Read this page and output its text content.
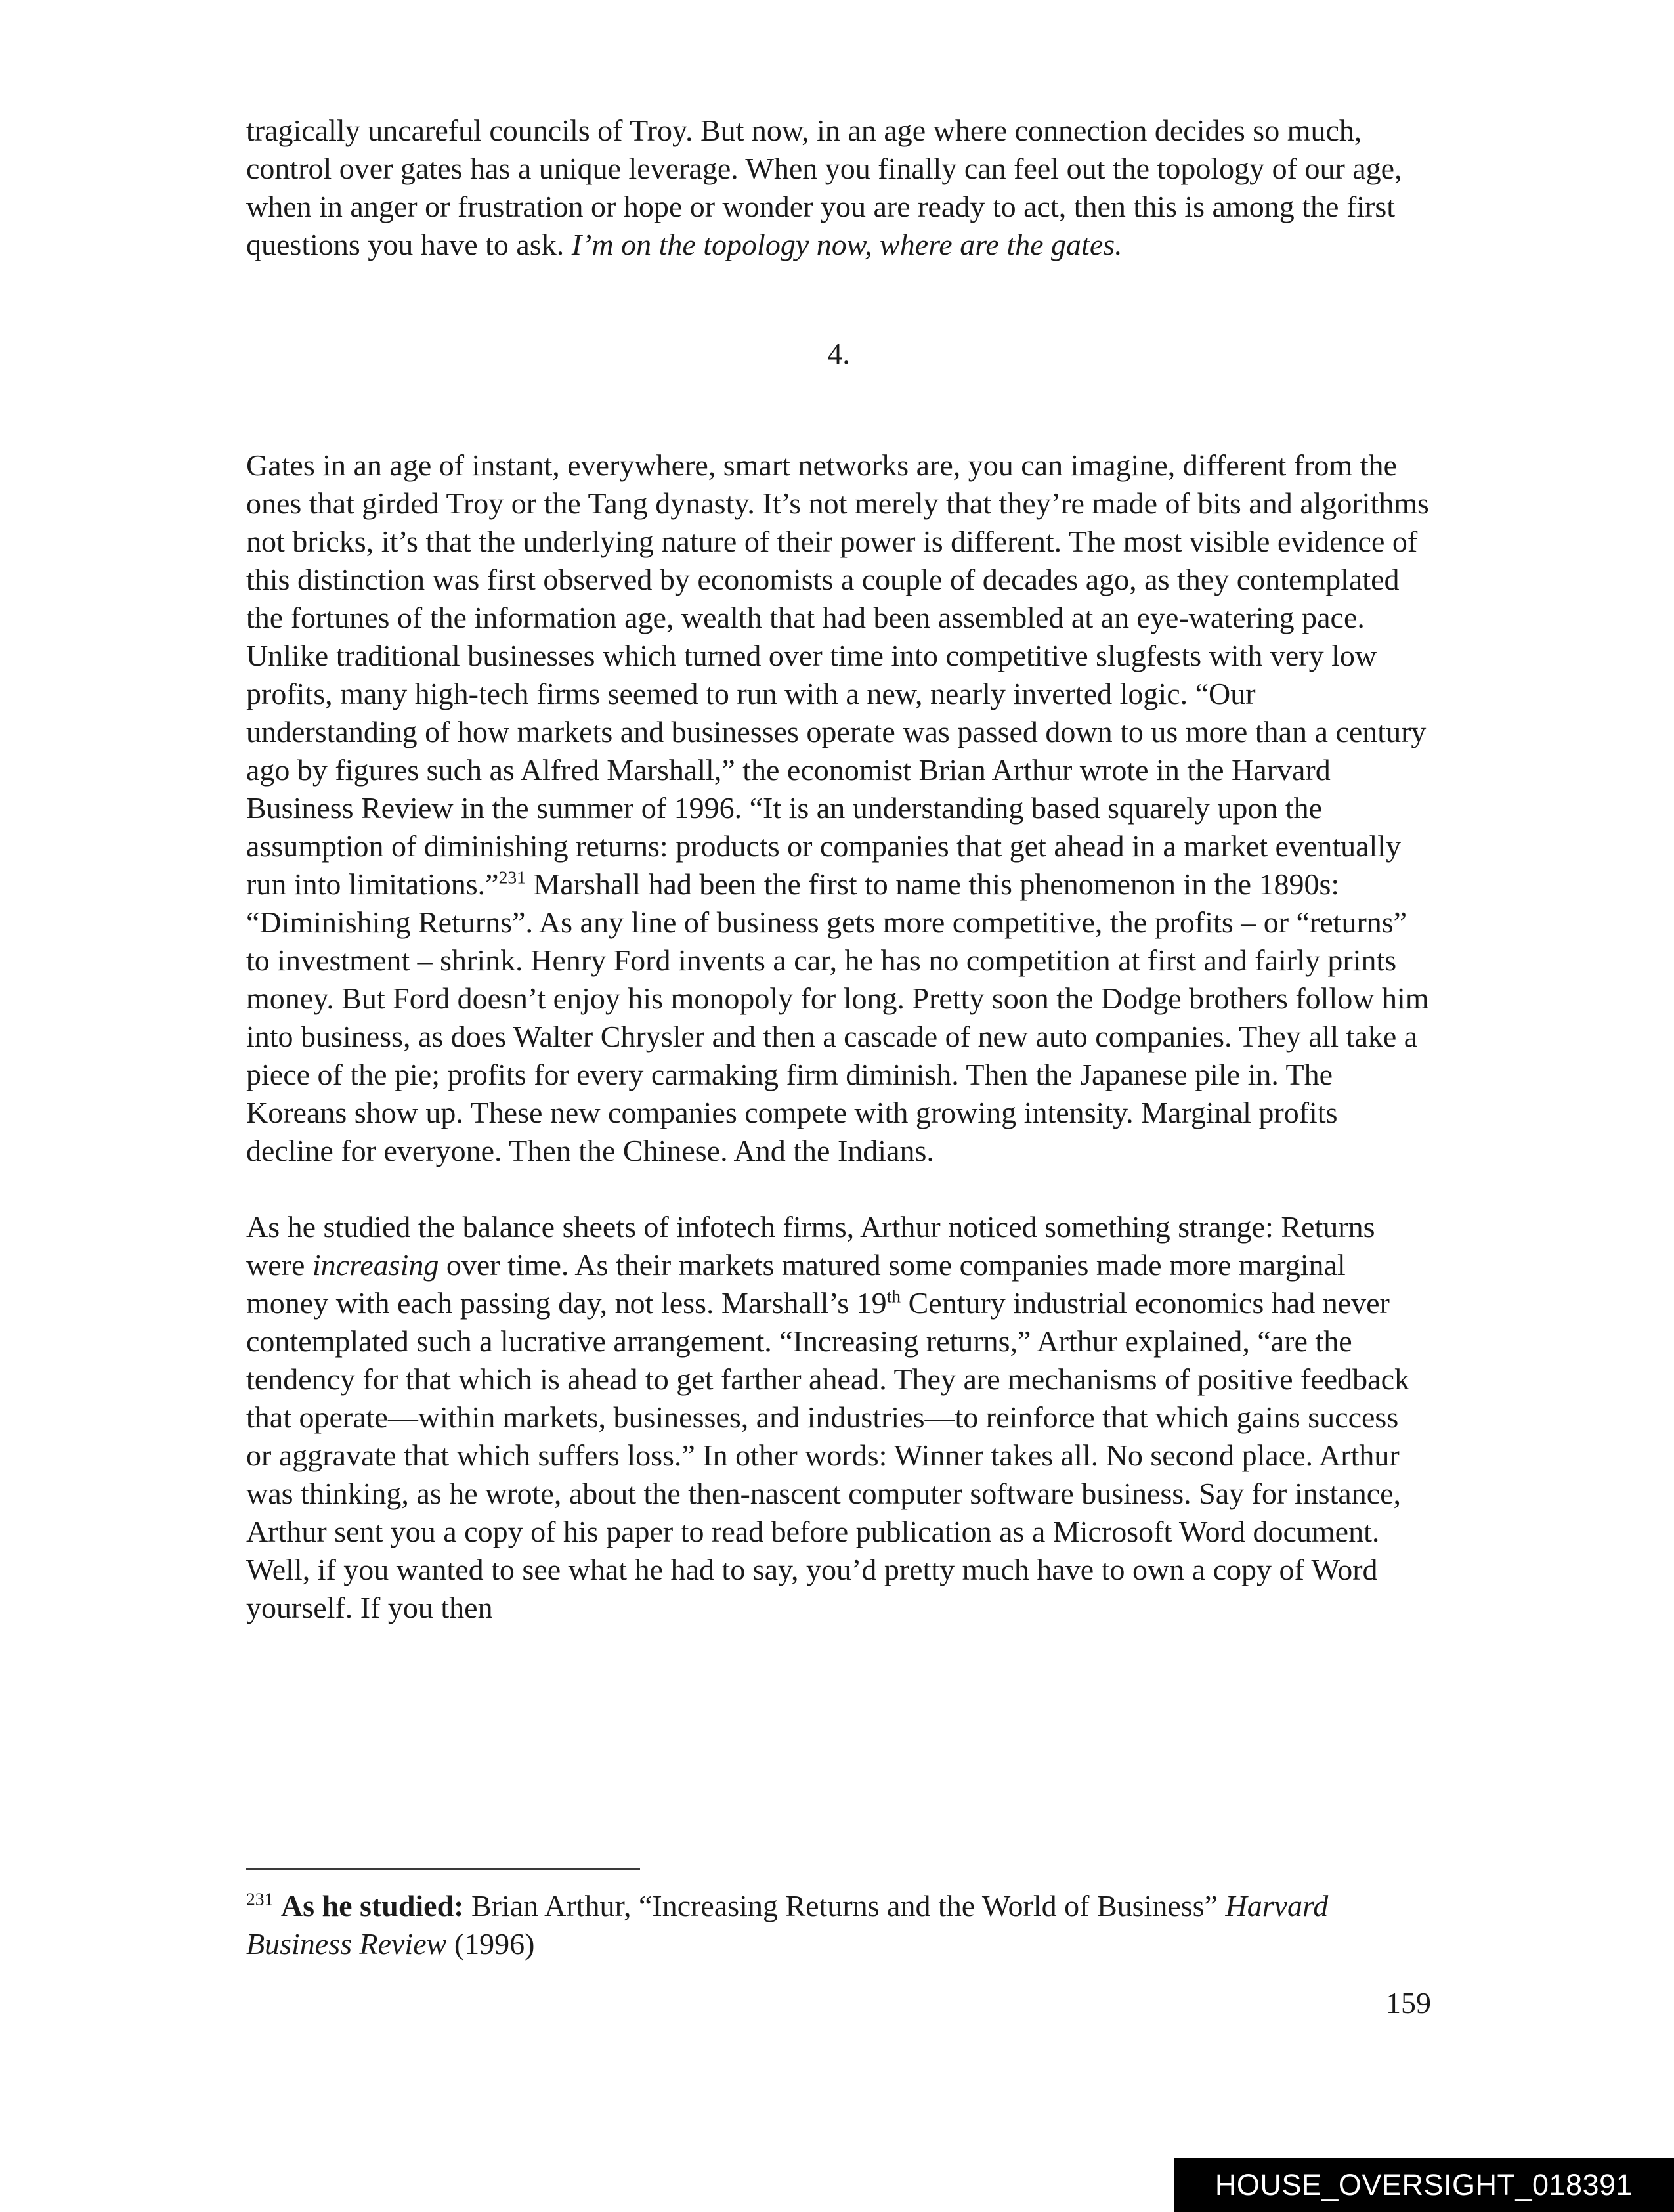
tragically uncareful councils of Troy. But now, in an age where connection decides so much, control over gates has a unique leverage. When you finally can feel out the topology of our age, when in anger or frustration or hope or wonder you are ready to act, then this is among the first questions you have to ask. I’m on the topology now, where are the gates.

4.

Gates in an age of instant, everywhere, smart networks are, you can imagine, different from the ones that girded Troy or the Tang dynasty. It’s not merely that they’re made of bits and algorithms not bricks, it’s that the underlying nature of their power is different. The most visible evidence of this distinction was first observed by economists a couple of decades ago, as they contemplated the fortunes of the information age, wealth that had been assembled at an eye-watering pace. Unlike traditional businesses which turned over time into competitive slugfests with very low profits, many high-tech firms seemed to run with a new, nearly inverted logic. “Our understanding of how markets and businesses operate was passed down to us more than a century ago by figures such as Alfred Marshall,” the economist Brian Arthur wrote in the Harvard Business Review in the summer of 1996. “It is an understanding based squarely upon the assumption of diminishing returns: products or companies that get ahead in a market eventually run into limitations.”$^{231}$ Marshall had been the first to name this phenomenon in the 1890s: “Diminishing Returns”. As any line of business gets more competitive, the profits – or “returns” to investment – shrink. Henry Ford invents a car, he has no competition at first and fairly prints money. But Ford doesn’t enjoy his monopoly for long. Pretty soon the Dodge brothers follow him into business, as does Walter Chrysler and then a cascade of new auto companies. They all take a piece of the pie; profits for every carmaking firm diminish. Then the Japanese pile in. The Koreans show up. These new companies compete with growing intensity. Marginal profits decline for everyone. Then the Chinese. And the Indians.

As he studied the balance sheets of infotech firms, Arthur noticed something strange: Returns were increasing over time. As their markets matured some companies made more marginal money with each passing day, not less. Marshall’s 19th Century industrial economics had never contemplated such a lucrative arrangement. “Increasing returns,” Arthur explained, “are the tendency for that which is ahead to get farther ahead. They are mechanisms of positive feedback that operate—within markets, businesses, and industries—to reinforce that which gains success or aggravate that which suffers loss.” In other words: Winner takes all. No second place. Arthur was thinking, as he wrote, about the then-nascent computer software business. Say for instance, Arthur sent you a copy of his paper to read before publication as a Microsoft Word document. Well, if you wanted to see what he had to say, you’d pretty much have to own a copy of Word yourself. If you then

$^{231}$ As he studied: Brian Arthur, “Increasing Returns and the World of Business” Harvard Business Review (1996)

159
HOUSE_OVERSIGHT_018391
